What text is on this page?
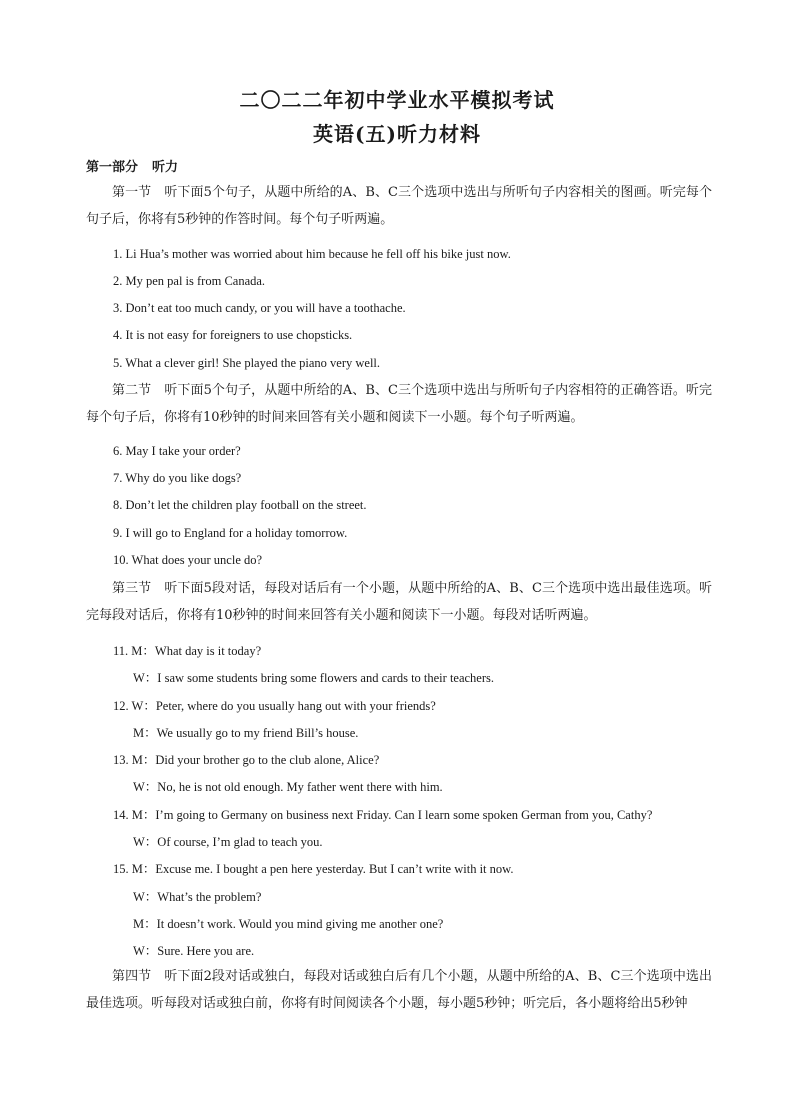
二〇二二年初中学业水平模拟考试
英语(五)听力材料
第一部分 听力
第一节　听下面5个句子，从题中所给的A、B、C三个选项中选出与所听句子内容相关的图画。听完每个句子后，你将有5秒钟的作答时间。每个句子听两遍。
1. Li Hua’s mother was worried about him because he fell off his bike just now.
2. My pen pal is from Canada.
3. Don’t eat too much candy, or you will have a toothache.
4. It is not easy for foreigners to use chopsticks.
5. What a clever girl! She played the piano very well.
第二节　听下面5个句子，从题中所给的A、B、C三个选项中选出与所听句子内容相符的正确答语。听完每个句子后，你将有10秒钟的时间来回答有关小题和阅读下一小题。每个句子听两遍。
6. May I take your order?
7. Why do you like dogs?
8. Don’t let the children play football on the street.
9. I will go to England for a holiday tomorrow.
10. What does your uncle do?
第三节　听下面5段对话，每段对话后有一个小题，从题中所给的A、B、C三个选项中选出最佳选项。听完每段对话后，你将有10秒钟的时间来回答有关小题和阅读下一小题。每段对话听两遍。
11. M：What day is it today?
W：I saw some students bring some flowers and cards to their teachers.
12. W：Peter, where do you usually hang out with your friends?
M：We usually go to my friend Bill’s house.
13. M：Did your brother go to the club alone, Alice?
W：No, he is not old enough. My father went there with him.
14. M：I’m going to Germany on business next Friday. Can I learn some spoken German from you, Cathy?
W：Of course, I’m glad to teach you.
15. M：Excuse me. I bought a pen here yesterday. But I can’t write with it now.
W：What’s the problem?
M：It doesn’t work. Would you mind giving me another one?
W：Sure. Here you are.
第四节　听下面2段对话或独白，每段对话或独白后有几个小题，从题中所给的A、B、C三个选项中选出最佳选项。听每段对话或独白前，你将有时间阅读各个小题，每小题5秒钟；听完后，各小题将给出5秒钟
